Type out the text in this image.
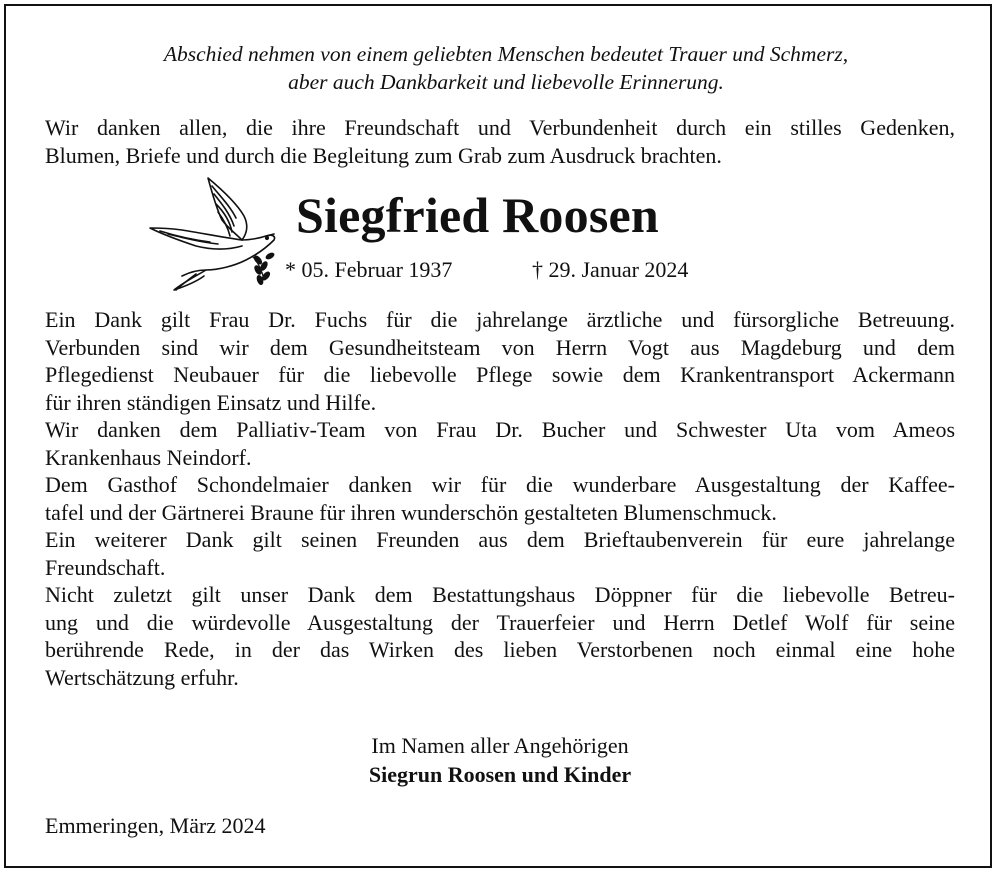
Abschied nehmen von einem geliebten Menschen bedeutet Trauer und Schmerz,
aber auch Dankbarkeit und liebevolle Erinnerung.
Wir danken allen, die ihre Freundschaft und Verbundenheit durch ein stilles Gedenken,
Blumen, Briefe und durch die Begleitung zum Grab zum Ausdruck brachten.
Siegfried Roosen
* 05. Februar 1937	† 29. Januar 2024
Ein Dank gilt Frau Dr. Fuchs für die jahrelange ärztliche und fürsorgliche Betreuung.
Verbunden sind wir dem Gesundheitsteam von Herrn Vogt aus Magdeburg und dem
Pflegedienst Neubauer für die liebevolle Pflege sowie dem Krankentransport Ackermann
für ihren ständigen Einsatz und Hilfe.
Wir danken dem Palliativ-Team von Frau Dr. Bucher und Schwester Uta vom Ameos
Krankenhaus Neindorf.
Dem Gasthof Schondelmaier danken wir für die wunderbare Ausgestaltung der Kaffee-
tafel und der Gärtnerei Braune für ihren wunderschön gestalteten Blumenschmuck.
Ein weiterer Dank gilt seinen Freunden aus dem Brieftaubenverein für eure jahrelange
Freundschaft.
Nicht zuletzt gilt unser Dank dem Bestattungshaus Döppner für die liebevolle Betreu-
ung und die würdevolle Ausgestaltung der Trauerfeier und Herrn Detlef Wolf für seine
berührende Rede, in der das Wirken des lieben Verstorbenen noch einmal eine hohe
Wertschätzung erfuhr.
Im Namen aller Angehörigen
Siegrun Roosen und Kinder
Emmeringen, März 2024
